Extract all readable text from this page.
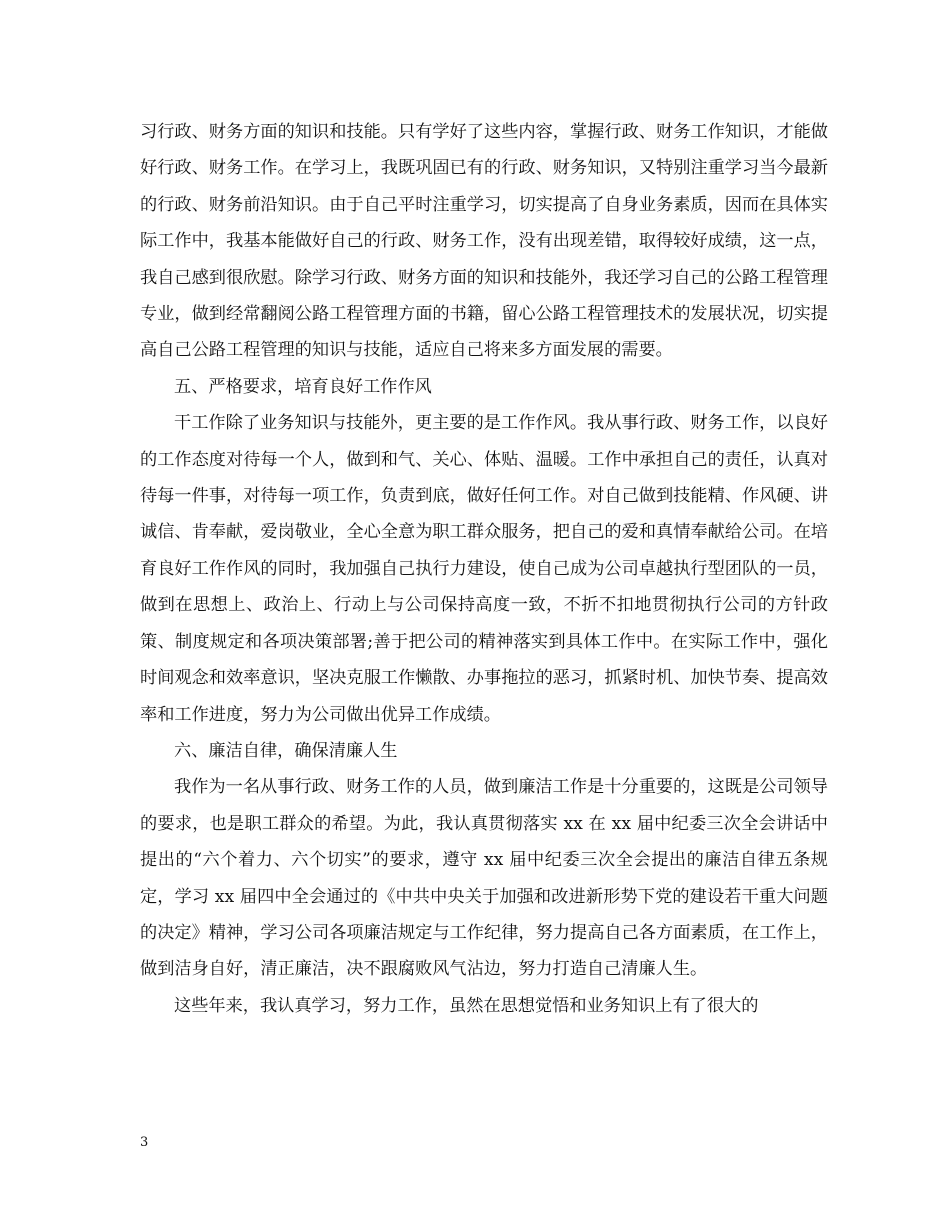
习行政、财务方面的知识和技能。只有学好了这些内容，掌握行政、财务工作知识，才能做好行政、财务工作。在学习上，我既巩固已有的行政、财务知识，又特别注重学习当今最新的行政、财务前沿知识。由于自己平时注重学习，切实提高了自身业务素质，因而在具体实际工作中，我基本能做好自己的行政、财务工作，没有出现差错，取得较好成绩，这一点，我自己感到很欣慰。除学习行政、财务方面的知识和技能外，我还学习自己的公路工程管理专业，做到经常翻阅公路工程管理方面的书籍，留心公路工程管理技术的发展状况，切实提高自己公路工程管理的知识与技能，适应自己将来多方面发展的需要。

五、严格要求，培育良好工作作风

干工作除了业务知识与技能外，更主要的是工作作风。我从事行政、财务工作，以良好的工作态度对待每一个人，做到和气、关心、体贴、温暖。工作中承担自己的责任，认真对待每一件事，对待每一项工作，负责到底，做好任何工作。对自己做到技能精、作风硬、讲诚信、肯奉献，爱岗敬业，全心全意为职工群众服务，把自己的爱和真情奉献给公司。在培育良好工作作风的同时，我加强自己执行力建设，使自己成为公司卓越执行型团队的一员，做到在思想上、政治上、行动上与公司保持高度一致，不折不扣地贯彻执行公司的方针政策、制度规定和各项决策部署;善于把公司的精神落实到具体工作中。在实际工作中，强化时间观念和效率意识，坚决克服工作懒散、办事拖拉的恶习，抓紧时机、加快节奏、提高效率和工作进度，努力为公司做出优异工作成绩。

六、廉洁自律，确保清廉人生

我作为一名从事行政、财务工作的人员，做到廉洁工作是十分重要的，这既是公司领导的要求，也是职工群众的希望。为此，我认真贯彻落实 xx 在 xx 届中纪委三次全会讲话中提出的“六个着力、六个切实”的要求，遵守 xx 届中纪委三次全会提出的廉洁自律五条规定，学习 xx 届四中全会通过的《中共中央关于加强和改进新形势下党的建设若干重大问题的决定》精神，学习公司各项廉洁规定与工作纪律，努力提高自己各方面素质，在工作上，做到洁身自好，清正廉洁，决不跟腐败风气沾边，努力打造自己清廉人生。

这些年来，我认真学习，努力工作，虽然在思想觉悟和业务知识上有了很大的

3
